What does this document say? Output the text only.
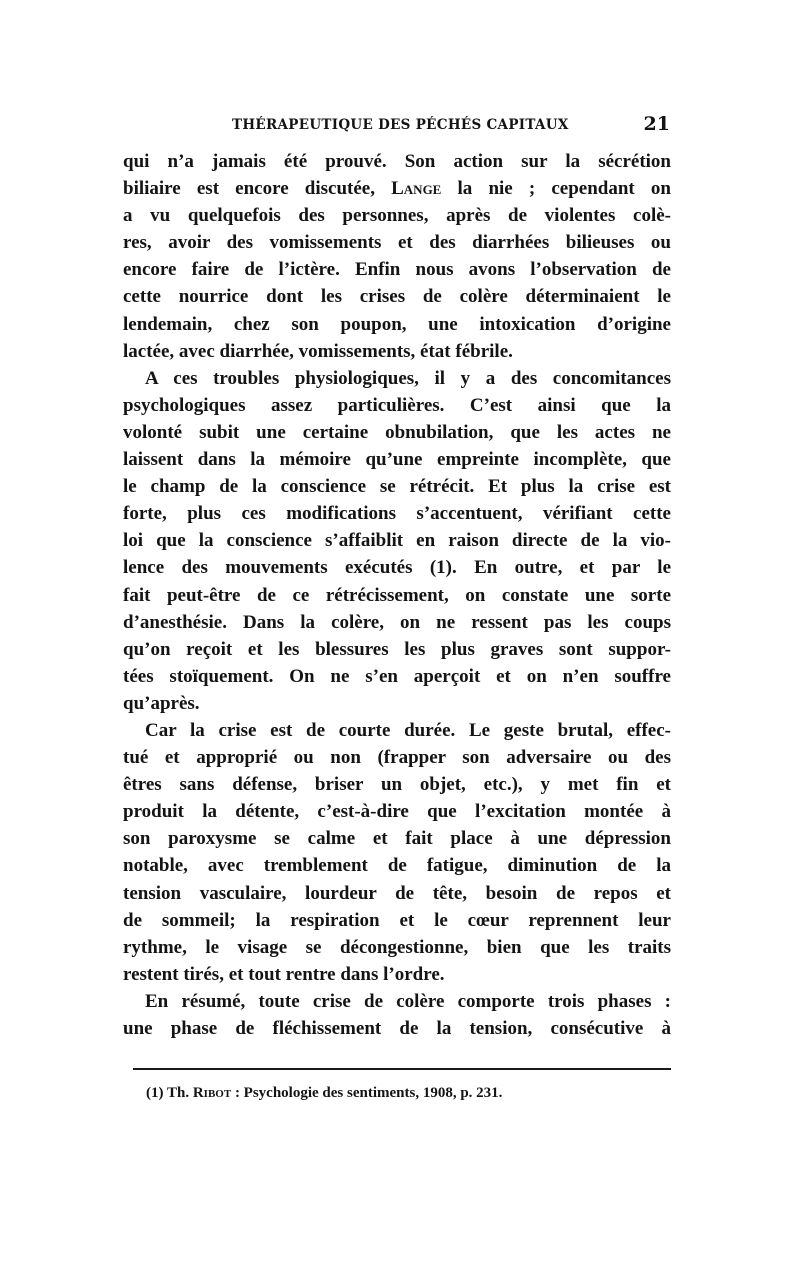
THÉRAPEUTIQUE DES PÉCHÉS CAPITAUX	21
qui n’a jamais été prouvé. Son action sur la sécrétion
biliaire est encore discutée, Lange la nie ; cependant on
a vu quelquefois des personnes, après de violentes colè-
res, avoir des vomissements et des diarrhées bilieuses ou
encore faire de l’ictère. Enfin nous avons l’observation de
cette nourrice dont les crises de colère déterminaient le
lendemain, chez son poupon, une intoxication d’origine
lactée, avec diarrhée, vomissements, état fébrile.
A ces troubles physiologiques, il y a des concomitances
psychologiques assez particulières. C’est ainsi que la
volonté subit une certaine obnubilation, que les actes ne
laissent dans la mémoire qu’une empreinte incomplète, que
le champ de la conscience se rétrécit. Et plus la crise est
forte, plus ces modifications s’accentuent, vérifiant cette
loi que la conscience s’affaiblit en raison directe de la vio-
lence des mouvements exécutés (1). En outre, et par le
fait peut-être de ce rétrécissement, on constate une sorte
d’anesthésie. Dans la colère, on ne ressent pas les coups
qu’on reçoit et les blessures les plus graves sont suppor-
tées stoïquement. On ne s’en aperçoit et on n’en souffre
qu’après.
Car la crise est de courte durée. Le geste brutal, effec-
tué et approprié ou non (frapper son adversaire ou des
êtres sans défense, briser un objet, etc.), y met fin et
produit la détente, c’est-à-dire que l’excitation montée à
son paroxysme se calme et fait place à une dépression
notable, avec tremblement de fatigue, diminution de la
tension vasculaire, lourdeur de tête, besoin de repos et
de sommeil; la respiration et le cœur reprennent leur
rythme, le visage se décongestionne, bien que les traits
restent tirés, et tout rentre dans l’ordre.
En résumé, toute crise de colère comporte trois phases :
une phase de fléchissement de la tension, consécutive à
(1) Th. Ribot : Psychologie des sentiments, 1908, p. 231.
